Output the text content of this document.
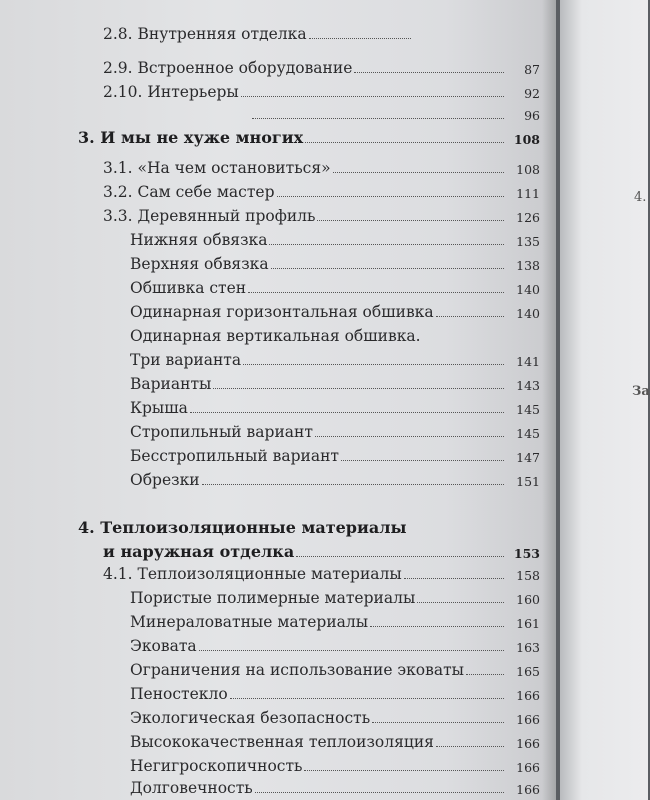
2.8. Внутренняя отделка
2.9. Встроенное оборудование	87
2.10. Интерьеры	92
96
3. И мы не хуже многих	108
3.1. «На чем остановиться»	108
3.2. Сам себе мастер	111
3.3. Деревянный профиль	126
Нижняя обвязка	135
Верхняя обвязка	138
Обшивка стен	140
Одинарная горизонтальная обшивка	140
Одинарная вертикальная обшивка.
Три варианта	141
Варианты	143
Крыша	145
Стропильный вариант	145
Бесстропильный вариант	147
Обрезки	151
4. Теплоизоляционные материалы
и наружная отделка	153
4.1. Теплоизоляционные материалы	158
Пористые полимерные материалы	160
Минераловатные материалы	161
Эковата	163
Ограничения на использование эковаты	165
Пеностекло	166
Экологическая безопасность	166
Высококачественная теплоизоляция	166
Негигроскопичность	166
Долговечность	166
4.
За
